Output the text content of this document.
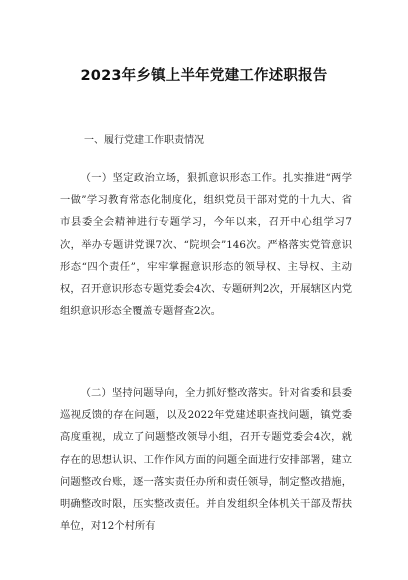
2023年乡镇上半年党建工作述职报告
一、履行党建工作职责情况

（一）坚定政治立场，狠抓意识形态工作。扎实推进“两学一做”学习教育常态化制度化，组织党员干部对党的十九大、省市县委全会精神进行专题学习，今年以来，召开中心组学习7次，举办专题讲党课7次、“院坝会”146次。严格落实党管意识形态“四个责任”，牢牢掌握意识形态的领导权、主导权、主动权，召开意识形态专题党委会4次、专题研判2次，开展辖区内党组织意识形态全覆盖专题督查2次。

（二）坚持问题导向，全力抓好整改落实。针对省委和县委巡视反馈的存在问题，以及2022年党建述职查找问题，镇党委高度重视，成立了问题整改领导小组，召开专题党委会4次，就存在的思想认识、工作作风方面的问题全面进行安排部署，建立问题整改台账，逐一落实责任办所和责任领导，制定整改措施，明确整改时限，压实整改责任。并自发组织全体机关干部及帮扶单位，对12个村所有
